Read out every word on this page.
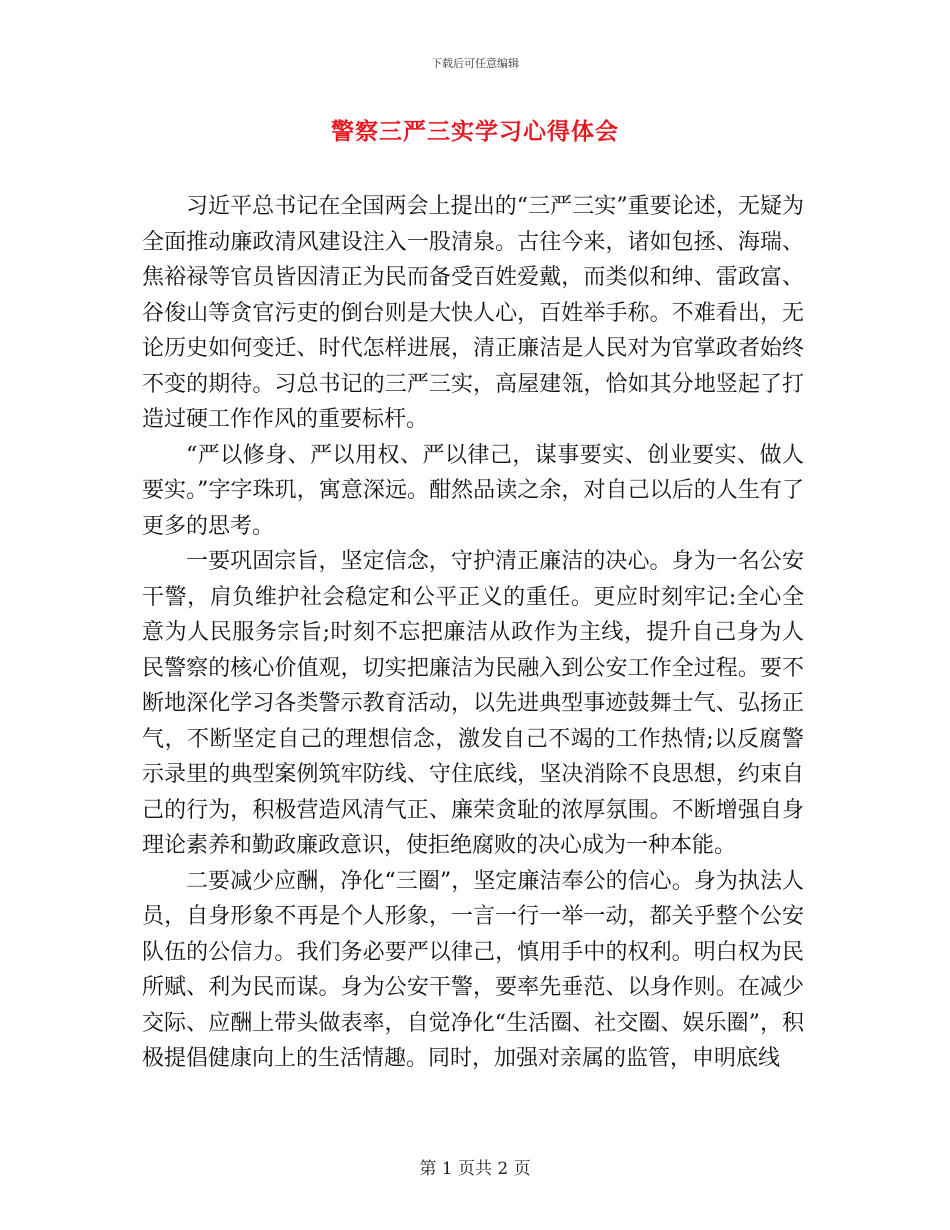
下载后可任意编辑
警察三严三实学习心得体会

习近平总书记在全国两会上提出的“三严三实”重要论述，无疑为全面推动廉政清风建设注入一股清泉。古往今来，诸如包拯、海瑞、焦裕禄等官员皆因清正为民而备受百姓爱戴，而类似和绅、雷政富、谷俊山等贪官污吏的倒台则是大快人心，百姓举手称。不难看出，无论历史如何变迁、时代怎样进展，清正廉洁是人民对为官掌政者始终不变的期待。习总书记的三严三实，高屋建瓴，恰如其分地竖起了打造过硬工作作风的重要标杆。

“严以修身、严以用权、严以律己，谋事要实、创业要实、做人要实。”字字珠玑，寓意深远。酣然品读之余，对自己以后的人生有了更多的思考。

一要巩固宗旨，坚定信念，守护清正廉洁的决心。身为一名公安干警，肩负维护社会稳定和公平正义的重任。更应时刻牢记:全心全意为人民服务宗旨;时刻不忘把廉洁从政作为主线，提升自己身为人民警察的核心价值观，切实把廉洁为民融入到公安工作全过程。要不断地深化学习各类警示教育活动，以先进典型事迹鼓舞士气、弘扬正气，不断坚定自己的理想信念，激发自己不竭的工作热情;以反腐警示录里的典型案例筑牢防线、守住底线，坚决消除不良思想，约束自己的行为，积极营造风清气正、廉荣贪耻的浓厚氛围。不断增强自身理论素养和勤政廉政意识，使拒绝腐败的决心成为一种本能。

二要减少应酬，净化“三圈”，坚定廉洁奉公的信心。身为执法人员，自身形象不再是个人形象，一言一行一举一动，都关乎整个公安队伍的公信力。我们务必要严以律己，慎用手中的权利。明白权为民所赋、利为民而谋。身为公安干警，要率先垂范、以身作则。在减少交际、应酬上带头做表率，自觉净化“生活圈、社交圈、娱乐圈”，积极提倡健康向上的生活情趣。同时，加强对亲属的监管，申明底线

第 1 页共 2 页
